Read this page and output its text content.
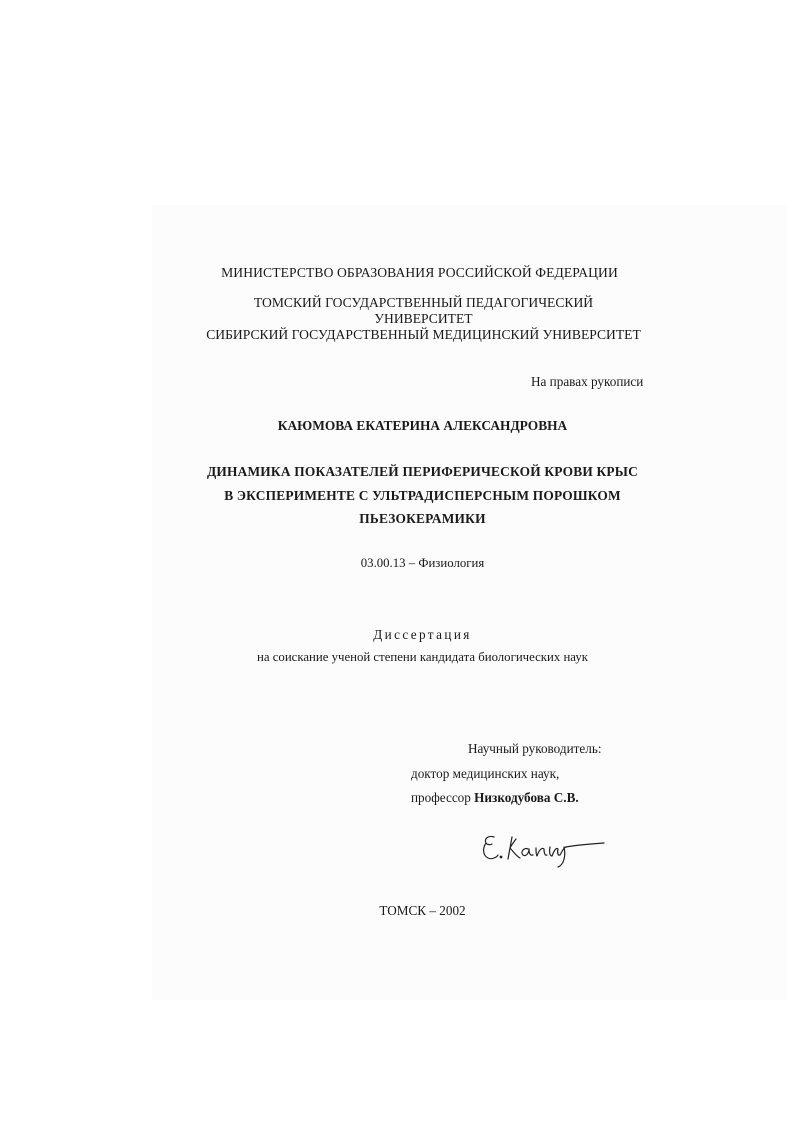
МИНИСТЕРСТВО ОБРАЗОВАНИЯ РОССИЙСКОЙ ФЕДЕРАЦИИ
ТОМСКИЙ ГОСУДАРСТВЕННЫЙ ПЕДАГОГИЧЕСКИЙ
УНИВЕРСИТЕТ
СИБИРСКИЙ ГОСУДАРСТВЕННЫЙ МЕДИЦИНСКИЙ УНИВЕРСИТЕТ
На правах рукописи
КАЮМОВА ЕКАТЕРИНА АЛЕКСАНДРОВНА
ДИНАМИКА ПОКАЗАТЕЛЕЙ ПЕРИФЕРИЧЕСКОЙ КРОВИ КРЫС
В ЭКСПЕРИМЕНТЕ С УЛЬТРАДИСПЕРСНЫМ ПОРОШКОМ
ПЬЕЗОКЕРАМИКИ
03.00.13 – Физиология
Диссертация
на соискание ученой степени кандидата биологических наук
Научный руководитель:
доктор медицинских наук,
профессор Низкодубова С.В.
ТОМСК – 2002
